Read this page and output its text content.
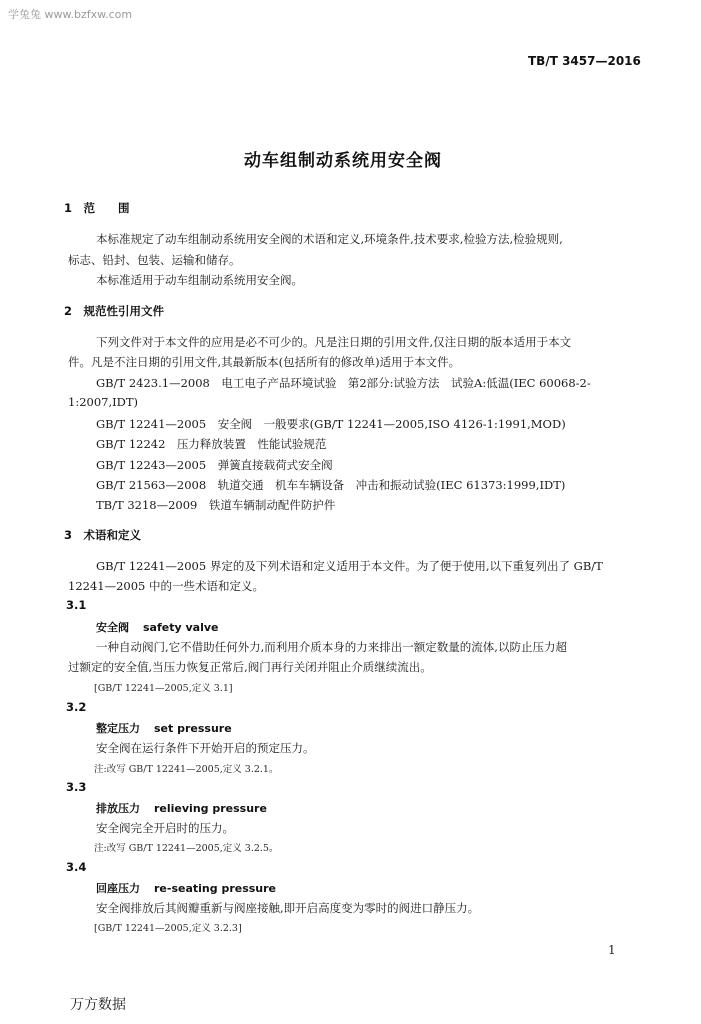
学兔兔 www.bzfxw.com
TB/T 3457—2016
动车组制动系统用安全阀
1　范　　围
本标准规定了动车组制动系统用安全阀的术语和定义,环境条件,技术要求,检验方法,检验规则,
标志、铅封、包装、运输和储存。
本标准适用于动车组制动系统用安全阀。
2　规范性引用文件
下列文件对于本文件的应用是必不可少的。凡是注日期的引用文件,仅注日期的版本适用于本文
件。凡是不注日期的引用文件,其最新版本(包括所有的修改单)适用于本文件。
GB/T 2423.1—2008　电工电子产品环境试验　第2部分:试验方法　试验A:低温(IEC 60068-2-
1:2007,IDT)
GB/T 12241—2005　安全阀　一般要求(GB/T 12241—2005,ISO 4126-1:1991,MOD)
GB/T 12242　压力释放装置　性能试验规范
GB/T 12243—2005　弹簧直接载荷式安全阀
GB/T 21563—2008　轨道交通　机车车辆设备　冲击和振动试验(IEC 61373:1999,IDT)
TB/T 3218—2009　铁道车辆制动配件防护件
3　术语和定义
GB/T 12241—2005 界定的及下列术语和定义适用于本文件。为了便于使用,以下重复列出了 GB/T
12241—2005 中的一些术语和定义。
3.1
安全阀 safety valve
一种自动阀门,它不借助任何外力,而利用介质本身的力来排出一额定数量的流体,以防止压力超
过额定的安全值,当压力恢复正常后,阀门再行关闭并阻止介质继续流出。
[GB/T 12241—2005,定义 3.1]
3.2
整定压力 set pressure
安全阀在运行条件下开始开启的预定压力。
注:改写 GB/T 12241—2005,定义 3.2.1。
3.3
排放压力 relieving pressure
安全阀完全开启时的压力。
注:改写 GB/T 12241—2005,定义 3.2.5。
3.4
回座压力 re-seating pressure
安全阀排放后其阀瓣重新与阀座接触,即开启高度变为零时的阀进口静压力。
[GB/T 12241—2005,定义 3.2.3]
1
万方数据
